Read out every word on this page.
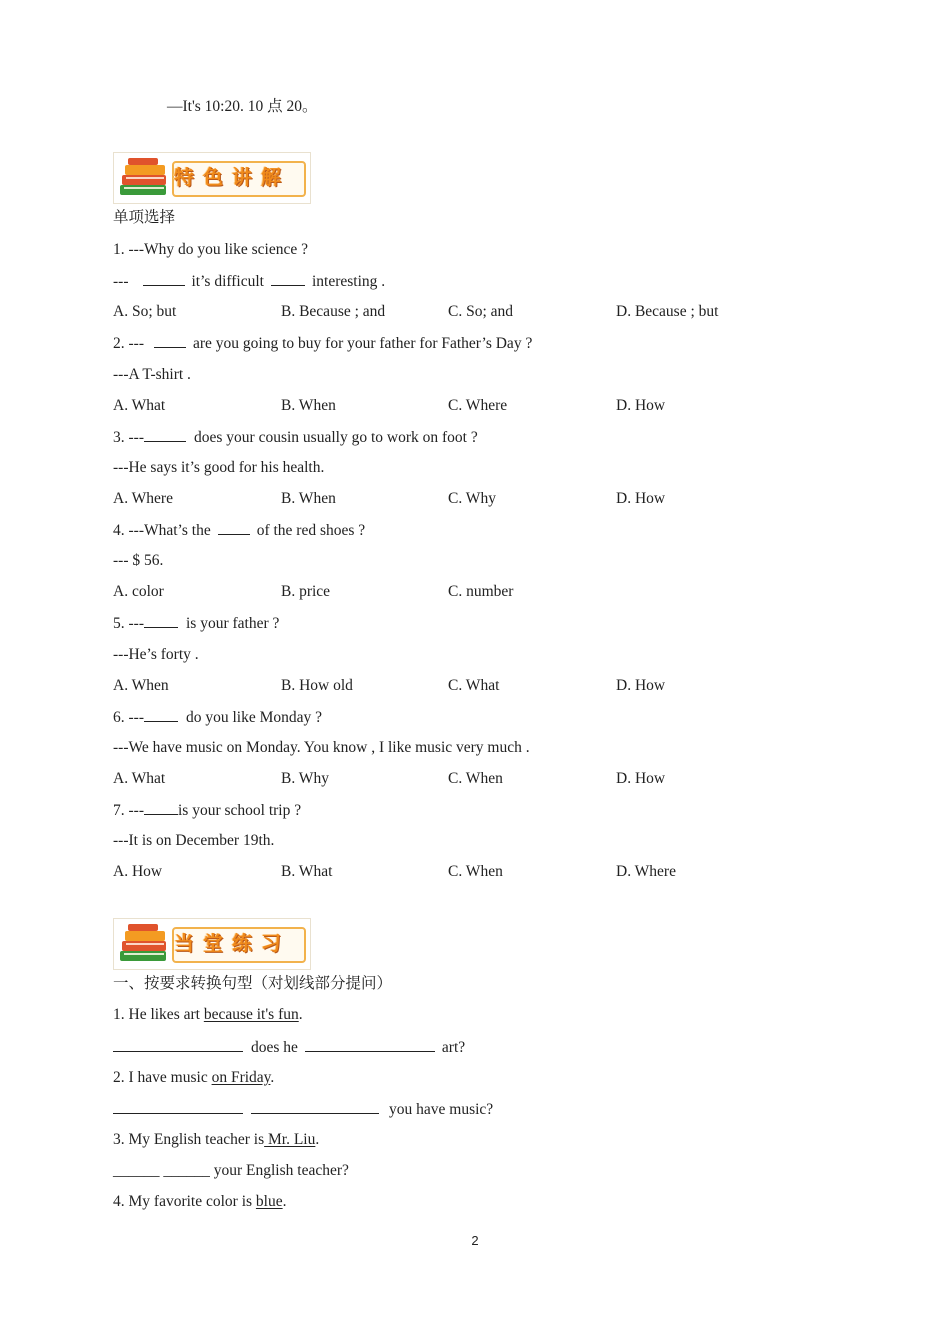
—It's 10:20. 10 点 20。
特色讲解
单项选择
1. ---Why do you like science ?
---	it’s difficult	interesting .
A. So; but	B. Because ; and	C. So; and	D. Because ; but
2. ---	are you going to buy for your father for Father’s Day ?
---A T-shirt .
A. What	B. When	C. Where	D. How
3. ---	does your cousin usually go to work on foot ?
---He says it’s good for his health.
A. Where	B. When	C. Why	D. How
4. ---What’s the	of the red shoes ?
--- $ 56.
A. color	B. price	C. number
5. ---	is your father ?
---He’s forty .
A. When	B. How old	C. What	D. How
6. ---	do you like Monday ?
---We have music on Monday. You know , I like music very much .
A. What	B. Why	C. When	D. How
7. --- is your school trip ?
---It is on December 19th.
A. How	B. What	C. When	D. Where
当堂练习
一、按要求转换句型（对划线部分提问）
1. He likes art because it's fun.
does he	art?
2. I have music on Friday.
you have music?
3. My English teacher is Mr. Liu.
______ ______ your English teacher?
4. My favorite color is blue.
2
